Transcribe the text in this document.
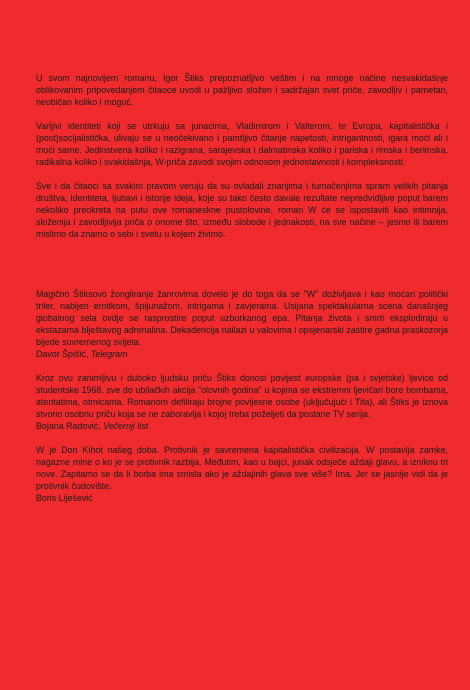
U svom najnovijem romanu, Igor Štiks prepoznatljivo veštim i na mnoge načine nesvakidašnje oblikovanim pripovedanjem čitaoce uvodi u pažljivo složen i sadržajan svet priče, zavodljiv i pametan, neobičan koliko i moguć.

Varljivi identiteti koji se utrkuju sa junacima, Vladimirom i Valterom, te Evropa, kapitalistička i (post)socijalistička, ulivaju se u neočekivano i pamtljivo čitanje napetosti, intrigantnosti, igara moći ali i moći same. Jedinstvena koliko i razigrana, sarajevska i dalmatinska koliko i pariska i rimska i berlinska, radikalna koliko i svakidašnja, W-priča zavodi svojim odnosom jednostavnosti i kompleksnosti.

Sve i da čitaoci sa svakim pravom veruju da su ovladali znanjima i tumačenjima spram velikih pitanja društva, identiteta, ljubavi i istorije ideja, koje su tako često davale rezultate nepredvidljive poput barem nekoliko preokreta na putu ove romaneskne pustolovine, roman W će se ispostaviti kao intimnija, složenija i zavodljivija priča o onome što, između slobode i jednakosti, na sve načine – jesmo ili barem mislimo da znamo o sebi i svetu u kojem živimo.

Magično Štiksovo žongliranje žanrovima dovelo je do toga da se "W" doživljava i kao moćan politički triler, nabijen erotikom, špijunažom, intrigama i zavjerama. Usijana spektakularna scena današnjeg globalnog sela ovdje se rasprostire poput uzburkanog epa. Pitanja života i smrti eksplodiraju u ekstazama blještavog adrenalina. Dekadencija nailazi u valovima i opsjenarski zastire gadna praskozorja bijede suvremenog svijeta.

Davor Špišić, Telegram

Kroz ovu zanimljivu i duboko ljudsku priču Štiks donosi povijest europske (pa i svjetske) ljevice od studentske 1968. sve do ubilačkih akcija "olovnih godina" u kojima se ekstremni ljevičari bore bombama, atentatima, otmicama. Romanom defiliraju brojne povijesne osobe (uključujući i Tita), ali Štiks je iznova stvorio osobnu priču koja se ne zaboravlja i kojoj treba poželjeti da postane TV serija.

Bojana Radović, Večernji list

W je Don Kihot našeg doba. Protivnik je savremena kapitalistička civilizacija. W postavlja zamke, nagazne mine o ko je se protivnik razbija. Međutim, kao u bajci, junak odsječe aždaji glavu, a izniknu tri nove. Zapitamo se da li borba ima smisla ako je aždajinih glava sve više? Ima. Jer se jasnije vidi da je protivnik čudovište.

Boris Liješević
